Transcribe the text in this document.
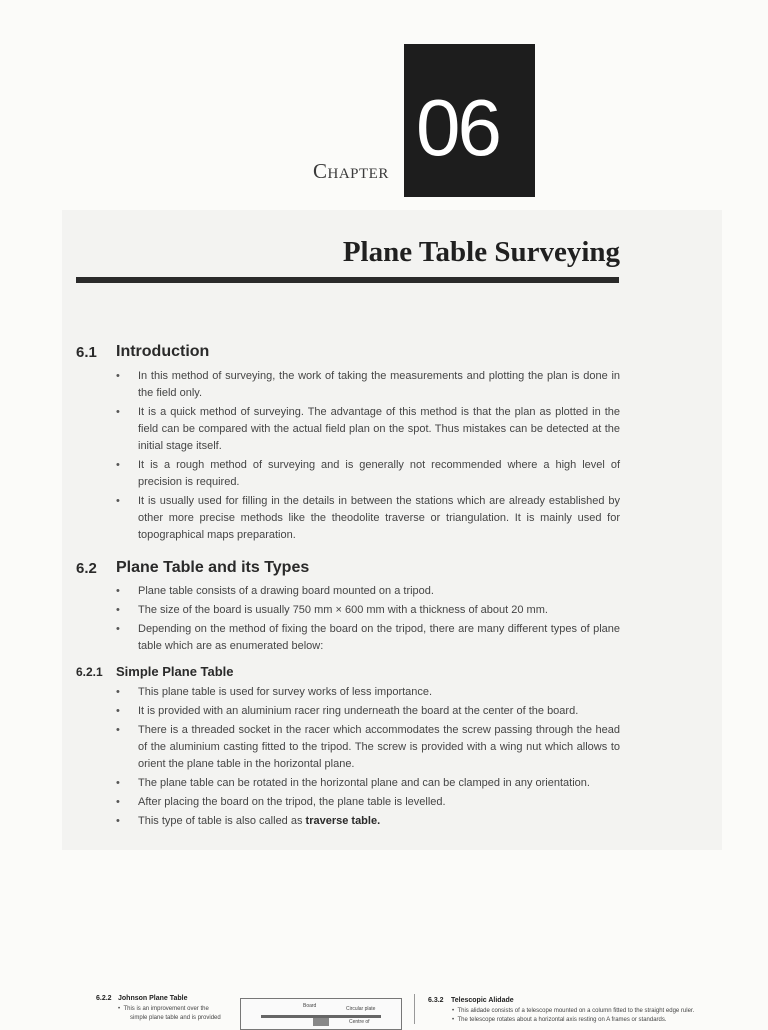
06
Chapter
Plane Table Surveying
6.1 Introduction
• In this method of surveying, the work of taking the measurements and plotting the plan is done in the field only.
• It is a quick method of surveying. The advantage of this method is that the plan as plotted in the field can be compared with the actual field plan on the spot. Thus mistakes can be detected at the initial stage itself.
• It is a rough method of surveying and is generally not recommended where a high level of precision is required.
• It is usually used for filling in the details in between the stations which are already established by other more precise methods like the theodolite traverse or triangulation. It is mainly used for topographical maps preparation.
6.2 Plane Table and its Types
• Plane table consists of a drawing board mounted on a tripod.
• The size of the board is usually 750 mm × 600 mm with a thickness of about 20 mm.
• Depending on the method of fixing the board on the tripod, there are many different types of plane table which are as enumerated below:
6.2.1 Simple Plane Table
• This plane table is used for survey works of less importance.
• It is provided with an aluminium racer ring underneath the board at the center of the board.
• There is a threaded socket in the racer which accommodates the screw passing through the head of the aluminium casting fitted to the tripod. The screw is provided with a wing nut which allows to orient the plane table in the horizontal plane.
• The plane table can be rotated in the horizontal plane and can be clamped in any orientation.
• After placing the board on the tripod, the plane table is levelled.
• This type of table is also called as traverse table.
6.2.2 Johnson Plane Table
•  This is an improvement over the
simple plane table and is provided
6.3.2 Telescopic Alidade
•  This alidade consists of a telescope mounted on a column fitted to the straight edge ruler.
•  The telescope rotates about a horizontal axis resting on A frames or standards.
Board	Circular plate
Centre of
